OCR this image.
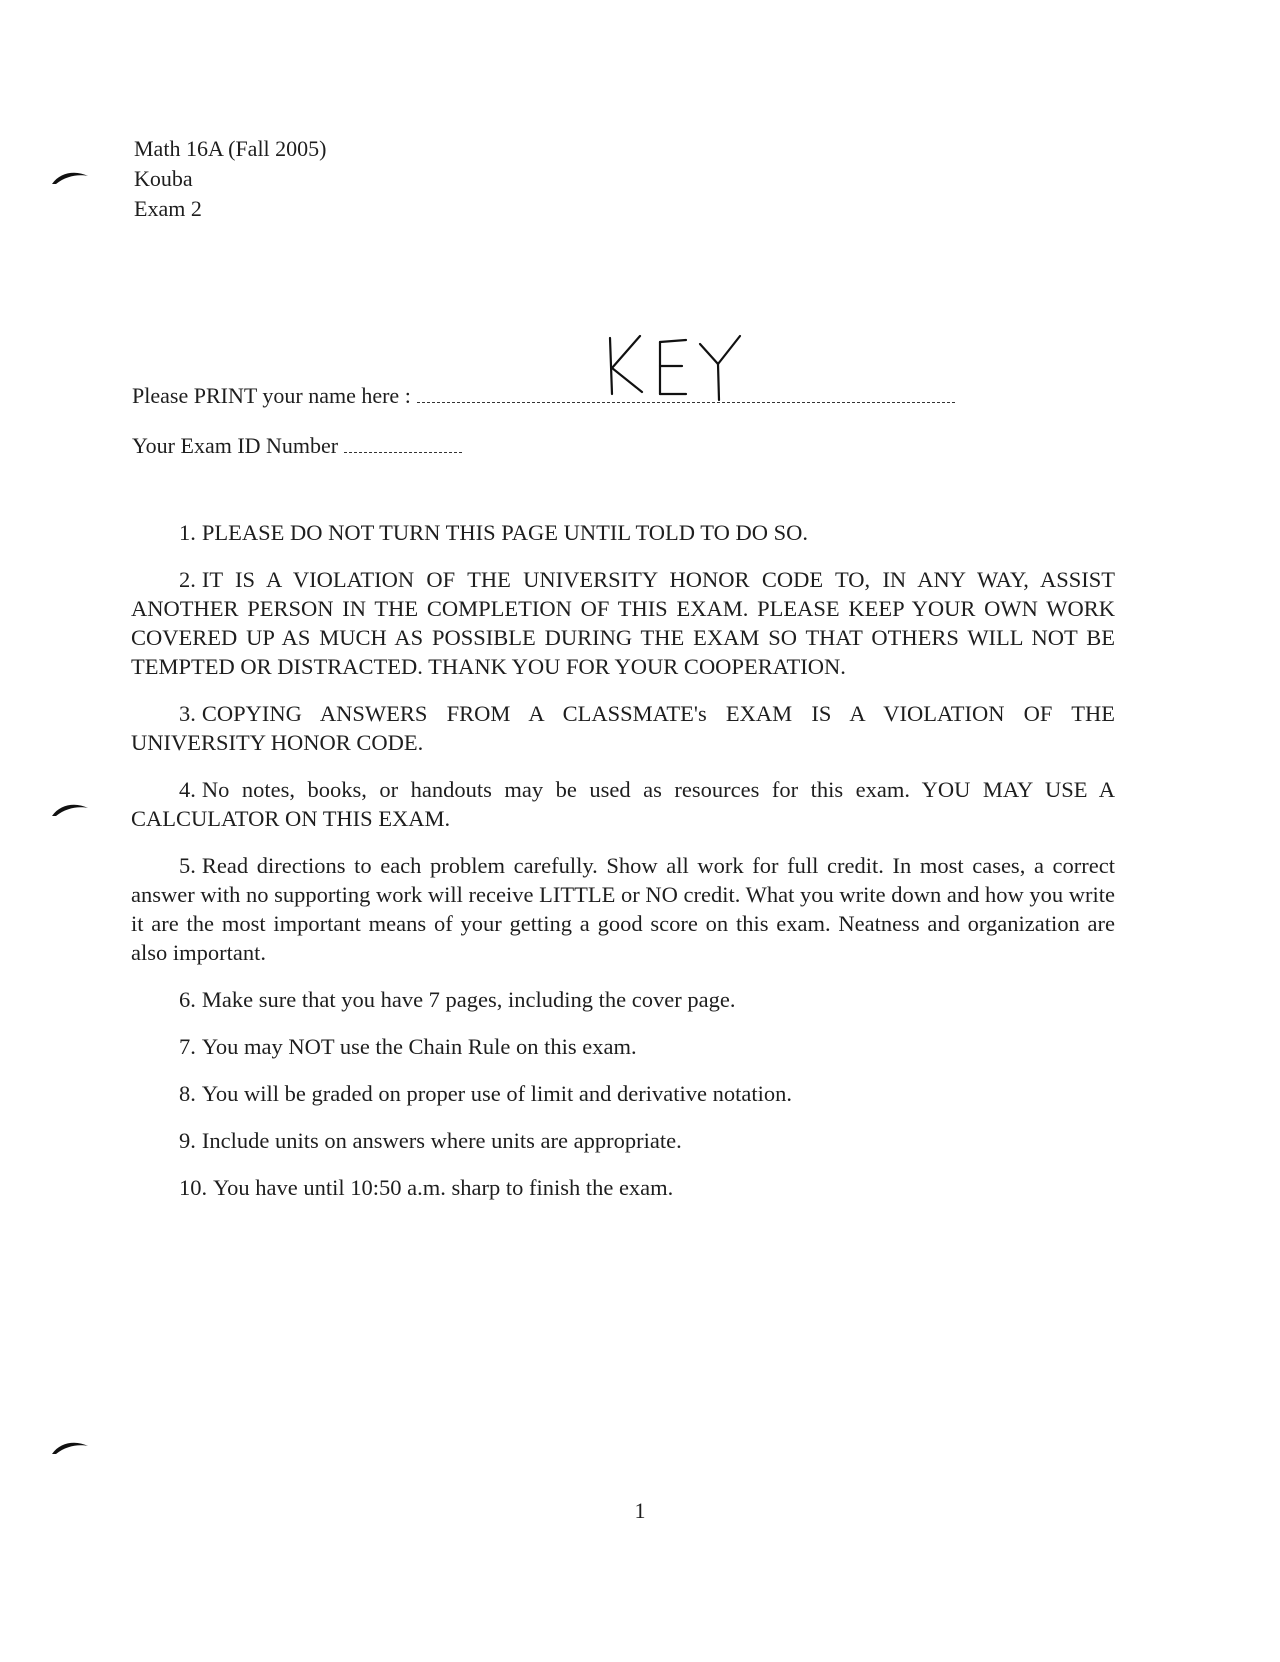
Math 16A (Fall 2005)
Kouba
Exam 2
Please PRINT your name here :
Your Exam ID Number

1. PLEASE DO NOT TURN THIS PAGE UNTIL TOLD TO DO SO.

2. IT IS A VIOLATION OF THE UNIVERSITY HONOR CODE TO, IN ANY WAY, ASSIST ANOTHER PERSON IN THE COMPLETION OF THIS EXAM. PLEASE KEEP YOUR OWN WORK COVERED UP AS MUCH AS POSSIBLE DURING THE EXAM SO THAT OTHERS WILL NOT BE TEMPTED OR DISTRACTED. THANK YOU FOR YOUR COOPERATION.

3. COPYING ANSWERS FROM A CLASSMATE's EXAM IS A VIOLATION OF THE UNIVERSITY HONOR CODE.

4. No notes, books, or handouts may be used as resources for this exam. YOU MAY USE A CALCULATOR ON THIS EXAM.

5. Read directions to each problem carefully. Show all work for full credit. In most cases, a correct answer with no supporting work will receive LITTLE or NO credit. What you write down and how you write it are the most important means of your getting a good score on this exam. Neatness and organization are also important.

6. Make sure that you have 7 pages, including the cover page.

7. You may NOT use the Chain Rule on this exam.

8. You will be graded on proper use of limit and derivative notation.

9. Include units on answers where units are appropriate.

10. You have until 10:50 a.m. sharp to finish the exam.

1
